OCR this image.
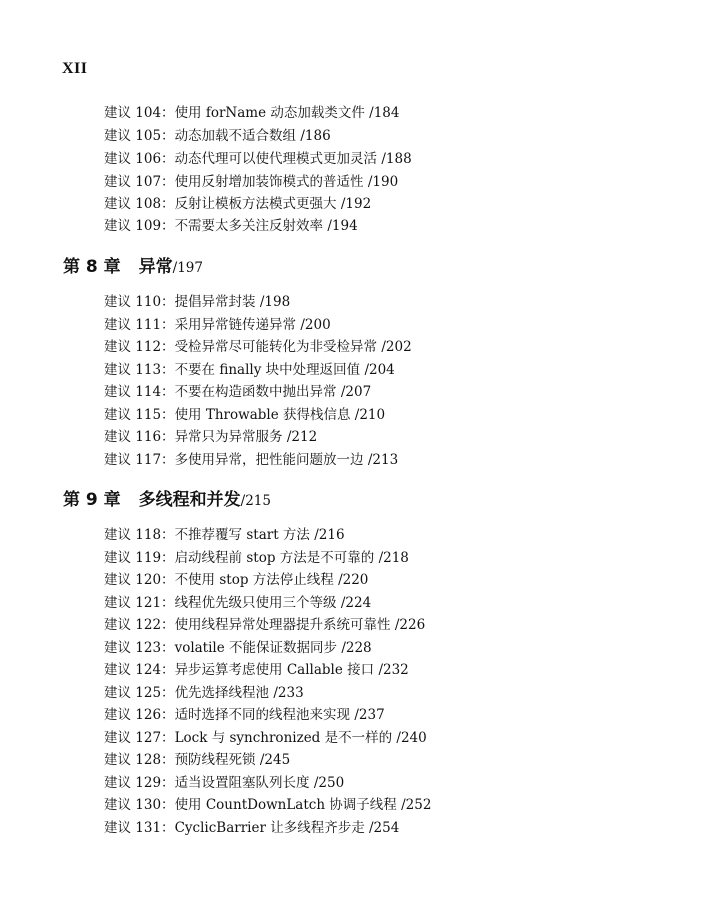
XII
建议 104：使用 forName 动态加载类文件 /184
建议 105：动态加载不适合数组 /186
建议 106：动态代理可以使代理模式更加灵活 /188
建议 107：使用反射增加装饰模式的普适性 /190
建议 108：反射让模板方法模式更强大 /192
建议 109：不需要太多关注反射效率 /194
第 8 章 异常/197
建议 110：提倡异常封装 /198
建议 111：采用异常链传递异常 /200
建议 112：受检异常尽可能转化为非受检异常 /202
建议 113：不要在 finally 块中处理返回值 /204
建议 114：不要在构造函数中抛出异常 /207
建议 115：使用 Throwable 获得栈信息 /210
建议 116：异常只为异常服务 /212
建议 117：多使用异常，把性能问题放一边 /213
第 9 章 多线程和并发/215
建议 118：不推荐覆写 start 方法 /216
建议 119：启动线程前 stop 方法是不可靠的 /218
建议 120：不使用 stop 方法停止线程 /220
建议 121：线程优先级只使用三个等级 /224
建议 122：使用线程异常处理器提升系统可靠性 /226
建议 123：volatile 不能保证数据同步 /228
建议 124：异步运算考虑使用 Callable 接口 /232
建议 125：优先选择线程池 /233
建议 126：适时选择不同的线程池来实现 /237
建议 127：Lock 与 synchronized 是不一样的 /240
建议 128：预防线程死锁 /245
建议 129：适当设置阻塞队列长度 /250
建议 130：使用 CountDownLatch 协调子线程 /252
建议 131：CyclicBarrier 让多线程齐步走 /254
